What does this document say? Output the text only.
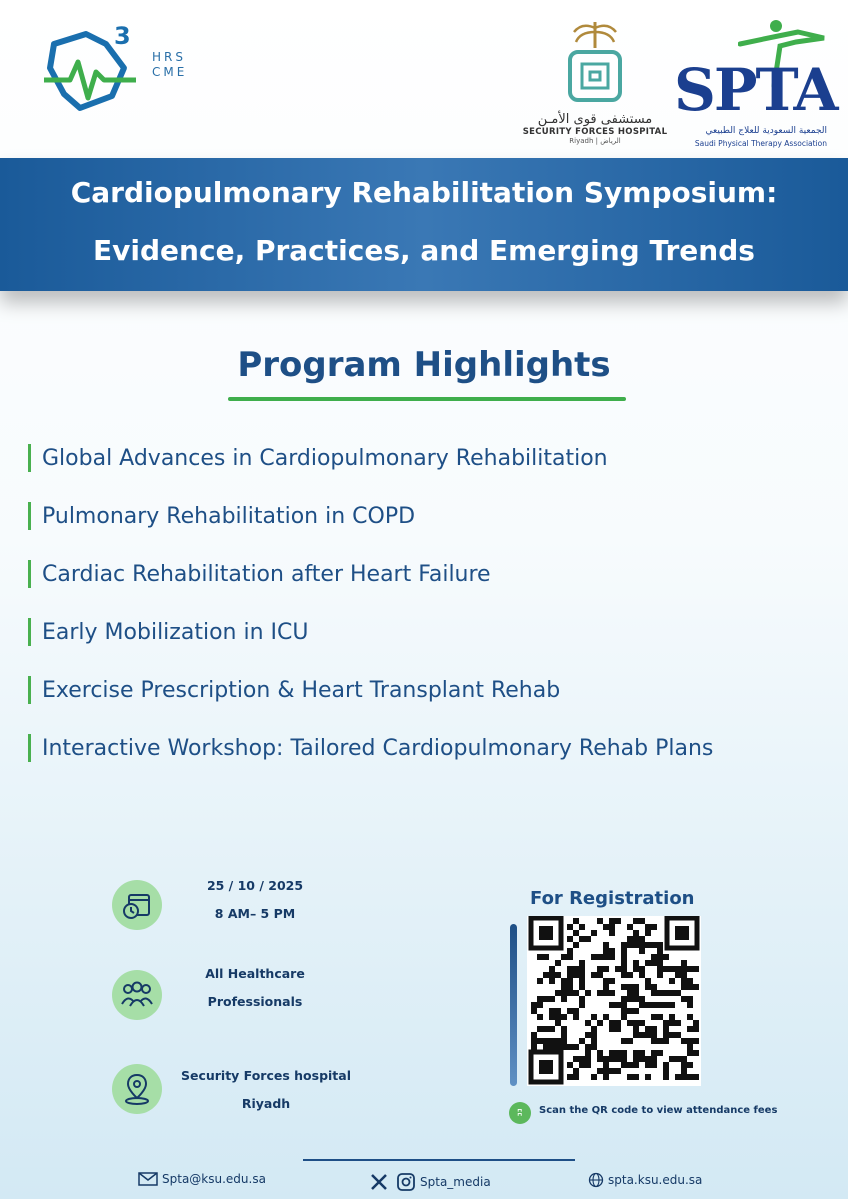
3
HRS
CME
مستشفى قوى الأمـن
SECURITY FORCES HOSPITAL
Riyadh | الرياض
SPTA
الجمعية السعودية للعلاج الطبيعي
Saudi Physical Therapy Association
Cardiopulmonary Rehabilitation Symposium:
Evidence, Practices, and Emerging Trends
Program Highlights
Global Advances in Cardiopulmonary Rehabilitation
Pulmonary Rehabilitation in COPD
Cardiac Rehabilitation after Heart Failure
Early Mobilization in ICU
Exercise Prescription & Heart Transplant Rehab
Interactive Workshop: Tailored Cardiopulmonary Rehab Plans
25 / 10 / 2025
8 AM– 5 PM
All Healthcare
Professionals
Security Forces hospital
Riyadh
For Registration
ʭ	Scan the QR code to view attendance fees
Spta@ksu.edu.sa	Spta_media	spta.ksu.edu.sa
